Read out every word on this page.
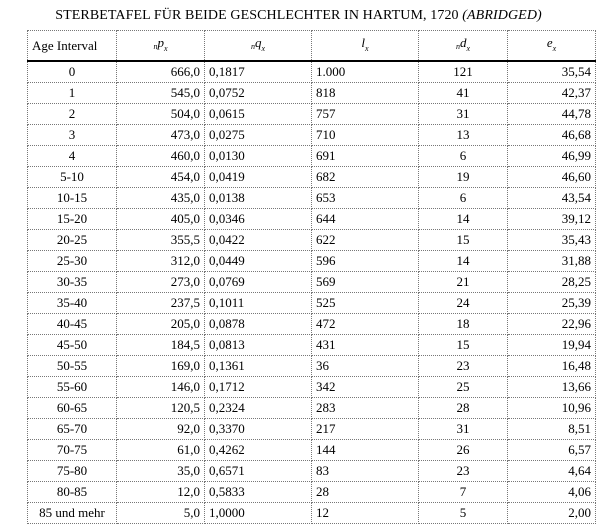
STERBETAFEL FÜR BEIDE GESCHLECHTER IN HARTUM, 1720 (ABRIDGED)
Age Interval	$np_x$	$nq_x$	$l_x$	$nd_x$	$e_x$
0	666,0	0,1817	1.000	121	35,54
1	545,0	0,0752	818	41	42,37
2	504,0	0,0615	757	31	44,78
3	473,0	0,0275	710	13	46,68
4	460,0	0,0130	691	6	46,99
5-10	454,0	0,0419	682	19	46,60
10-15	435,0	0,0138	653	6	43,54
15-20	405,0	0,0346	644	14	39,12
20-25	355,5	0,0422	622	15	35,43
25-30	312,0	0,0449	596	14	31,88
30-35	273,0	0,0769	569	21	28,25
35-40	237,5	0,1011	525	24	25,39
40-45	205,0	0,0878	472	18	22,96
45-50	184,5	0,0813	431	15	19,94
50-55	169,0	0,1361	36	23	16,48
55-60	146,0	0,1712	342	25	13,66
60-65	120,5	0,2324	283	28	10,96
65-70	92,0	0,3370	217	31	8,51
70-75	61,0	0,4262	144	26	6,57
75-80	35,0	0,6571	83	23	4,64
80-85	12,0	0,5833	28	7	4,06
85 und mehr	5,0	1,0000	12	5	2,00
